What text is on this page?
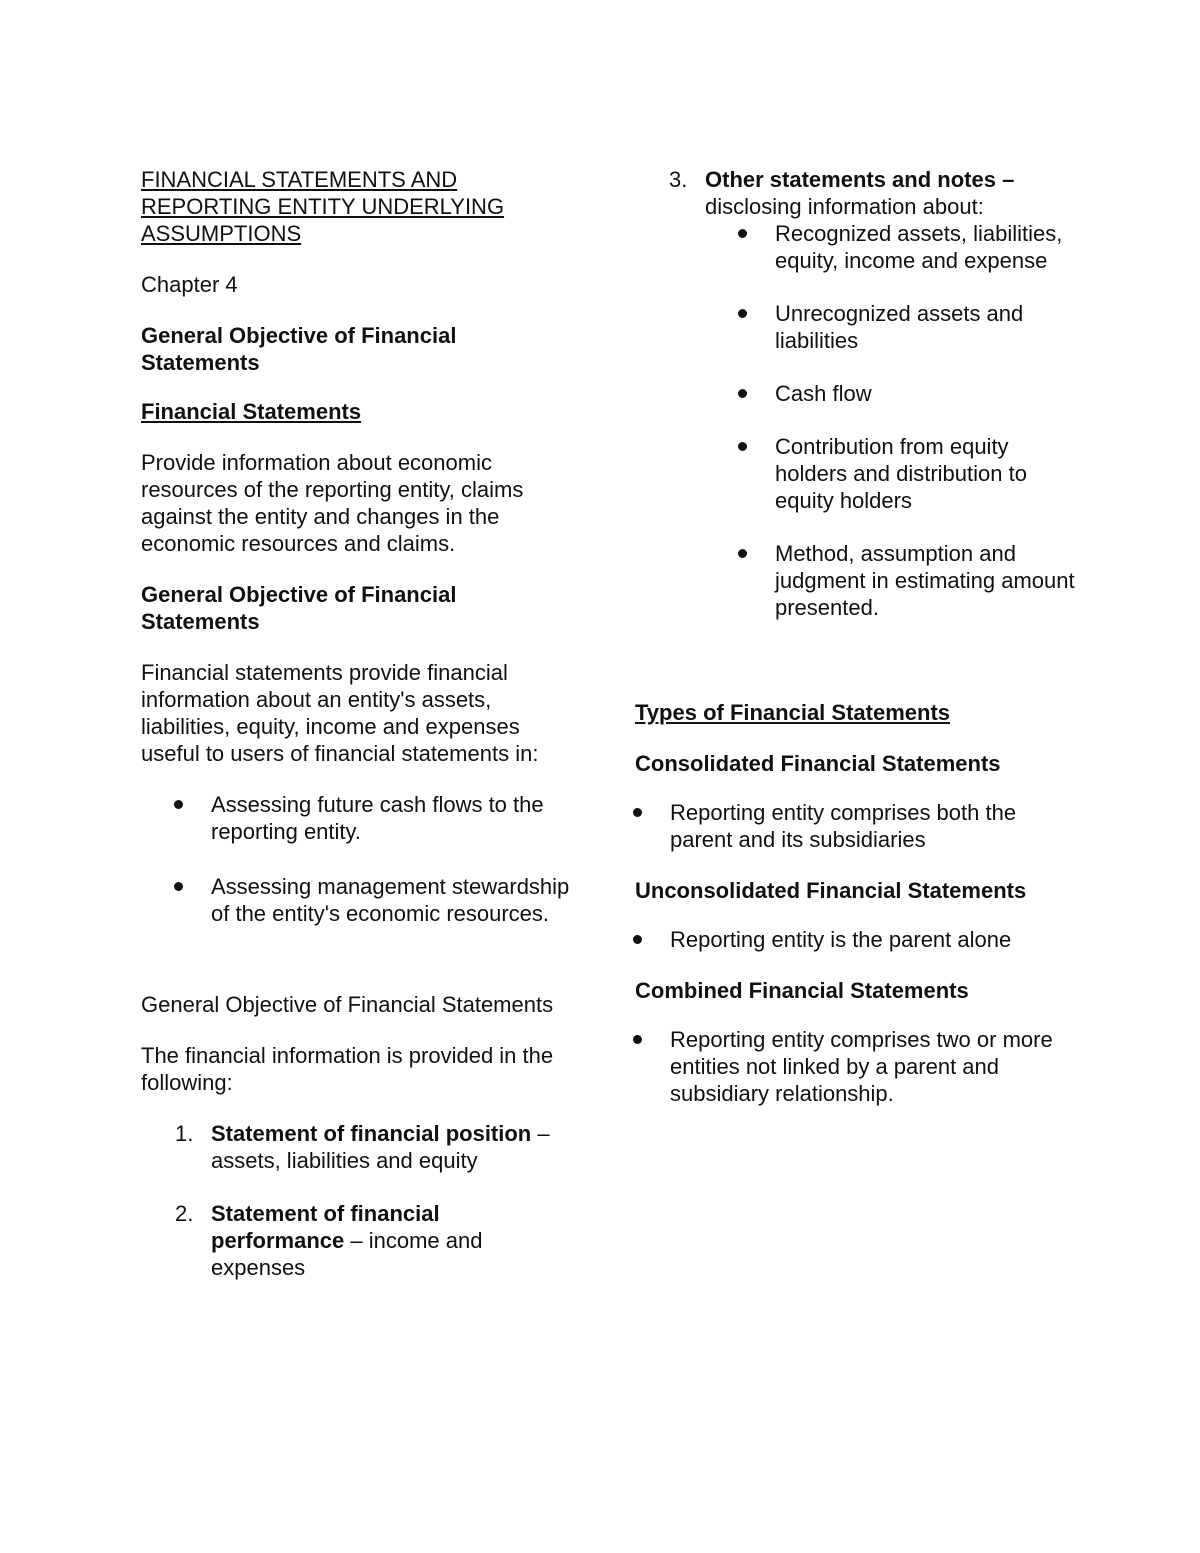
FINANCIAL STATEMENTS AND REPORTING ENTITY UNDERLYING ASSUMPTIONS

Chapter 4

General Objective of Financial Statements

Financial Statements

Provide information about economic resources of the reporting entity, claims against the entity and changes in the economic resources and claims.

General Objective of Financial Statements

Financial statements provide financial information about an entity's assets, liabilities, equity, income and expenses useful to users of financial statements in:

Assessing future cash flows to the reporting entity.
Assessing management stewardship of the entity's economic resources.

General Objective of Financial Statements

The financial information is provided in the following:

1. Statement of financial position – assets, liabilities and equity
2. Statement of financial performance – income and expenses
3. Other statements and notes – disclosing information about:
Recognized assets, liabilities, equity, income and expense
Unrecognized assets and liabilities
Cash flow
Contribution from equity holders and distribution to equity holders
Method, assumption and judgment in estimating amount presented.

Types of Financial Statements

Consolidated Financial Statements

Reporting entity comprises both the parent and its subsidiaries

Unconsolidated Financial Statements

Reporting entity is the parent alone

Combined Financial Statements

Reporting entity comprises two or more entities not linked by a parent and subsidiary relationship.
